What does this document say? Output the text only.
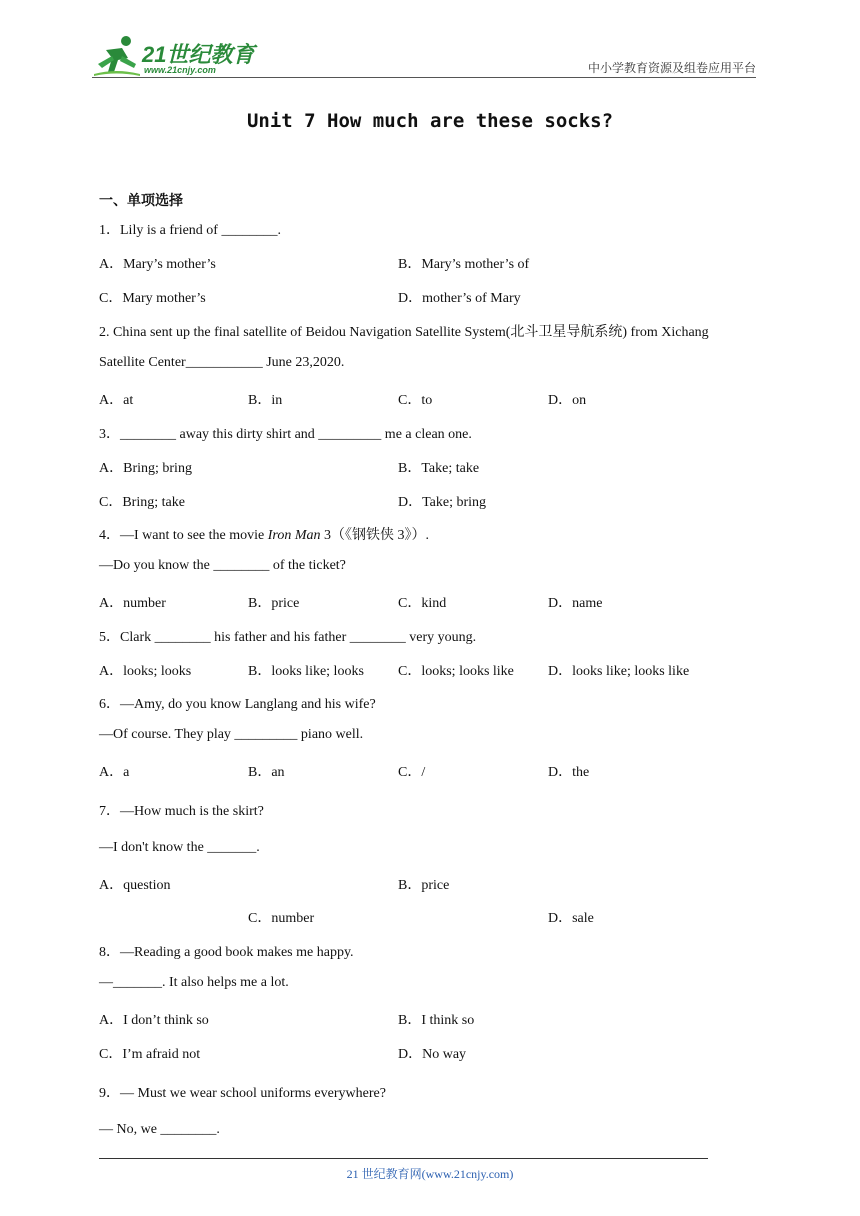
21世纪教育
www.21cnjy.com	中小学教育资源及组卷应用平台
Unit 7 How much are these socks?
一、单项选择
1．Lily is a friend of ________.
A．Mary’s mother’s	B．Mary’s mother’s of
C．Mary mother’s	D．mother’s of Mary
2. China sent up the final satellite of Beidou Navigation Satellite System(北斗卫星导航系统) from Xichang
Satellite Center___________ June 23,2020.
A．at	B．in	C．to	D．on
3．________ away this dirty shirt and _________ me a clean one.
A．Bring; bring	B．Take; take
C．Bring; take	D．Take; bring
4．—I want to see the movie Iron Man 3（《钢铁侠 3》）.
—Do you know the ________ of the ticket?
A．number	B．price	C．kind	D．name
5．Clark ________ his father and his father ________ very young.
A．looks; looks	B．looks like; looks C．looks; looks like D．looks like; looks like
6．—Amy, do you know Langlang and his wife?
—Of course. They play _________ piano well.
A．a	B．an	C．/	D．the
7．—How much is the skirt?
—I don't know the _______.
A．question	B．price
C．number	D．sale
8．—Reading a good book makes me happy.
—_______. It also helps me a lot.
A．I don’t think so	B．I think so
C．I’m afraid not	D．No way
9．— Must we wear school uniforms everywhere?
— No, we ________.
21 世纪教育网(www.21cnjy.com)
